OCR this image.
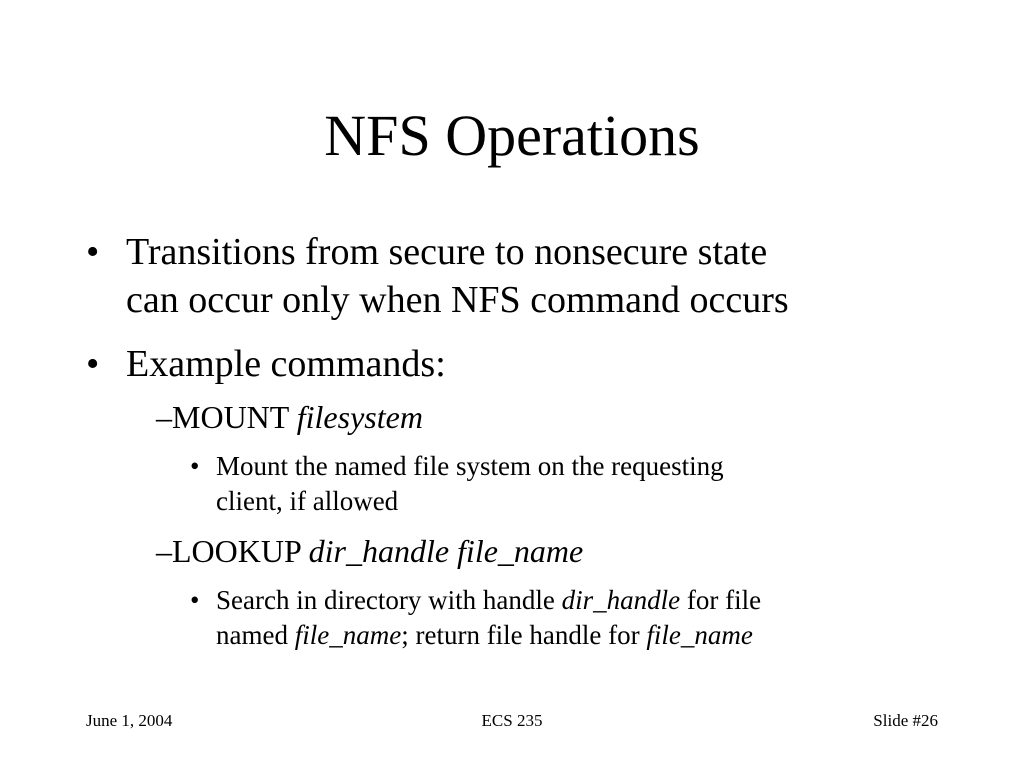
NFS Operations
• Transitions from secure to nonsecure state
can occur only when NFS command occurs
• Example commands:
– MOUNT filesystem
• Mount the named file system on the requesting
client, if allowed
– LOOKUP dir_handle file_name
• Search in directory with handle dir_handle for file
named file_name; return file handle for file_name
June 1, 2004	ECS 235	Slide #26
